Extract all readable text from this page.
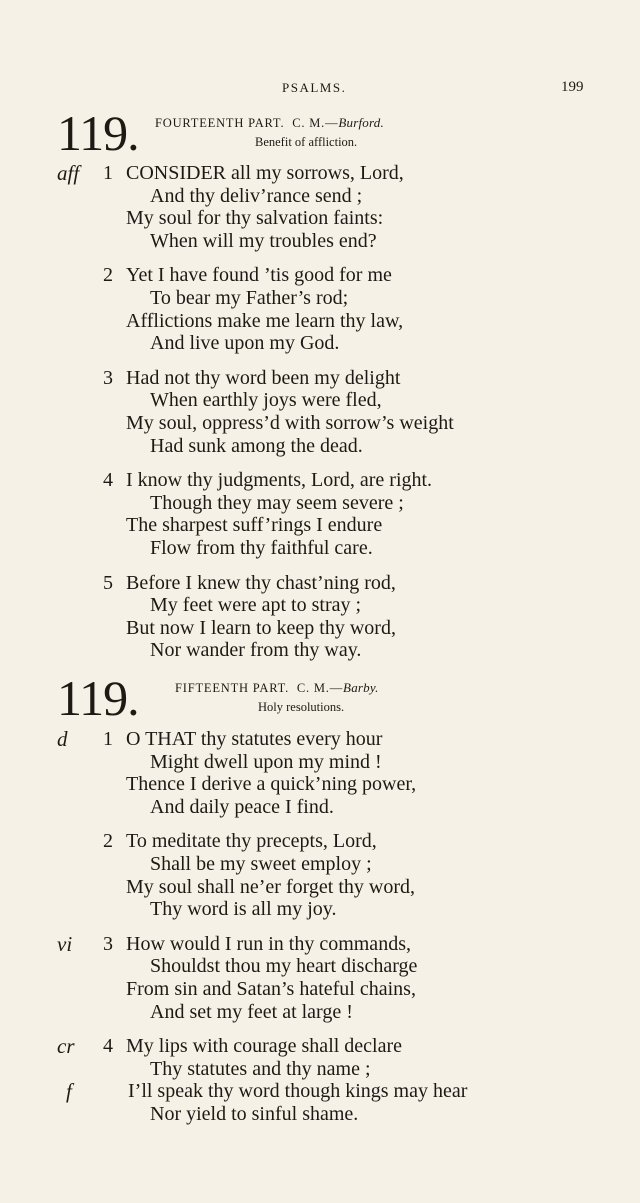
PSALMS.	199
119. FOURTEENTH PART. C. M.—Burford.
Benefit of affliction.
aff	1 CONSIDER all my sorrows, Lord,
And thy deliv’rance send ;
My soul for thy salvation faints:
When will my troubles end?
2 Yet I have found ’tis good for me
To bear my Father’s rod;
Afflictions make me learn thy law,
And live upon my God.
3 Had not thy word been my delight
When earthly joys were fled,
My soul, oppress’d with sorrow’s weight
Had sunk among the dead.
4 I know thy judgments, Lord, are right.
Though they may seem severe ;
The sharpest suff’rings I endure
Flow from thy faithful care.
5 Before I knew thy chast’ning rod,
My feet were apt to stray ;
But now I learn to keep thy word,
Nor wander from thy way.
119.	FIFTEENTH PART. C. M.—Barby.
Holy resolutions.
d	1 O THAT thy statutes every hour
Might dwell upon my mind !
Thence I derive a quick’ning power,
And daily peace I find.
2 To meditate thy precepts, Lord,
Shall be my sweet employ ;
My soul shall ne’er forget thy word,
Thy word is all my joy.
vi	3 How would I run in thy commands,
Shouldst thou my heart discharge
From sin and Satan’s hateful chains,
And set my feet at large !
cr	4 My lips with courage shall declare
Thy statutes and thy name ;
f	I’ll speak thy word though kings may hear
Nor yield to sinful shame.
